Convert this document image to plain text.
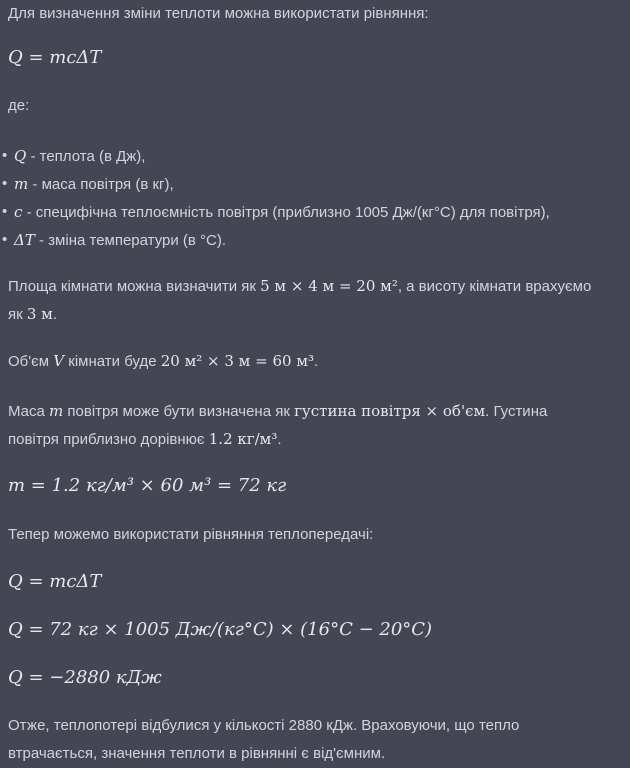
Для визначення зміни теплоти можна використати рівняння:
Q = mcΔT
де:
• Q - теплота (в Дж),
• m - маса повітря (в кг),
• c - специфічна теплоємність повітря (приблизно 1005 Дж/(кг°C) для повітря),
• ΔT - зміна температури (в °C).
Площа кімнати можна визначити як 5 м × 4 м = 20 м², а висоту кімнати врахуємо
як 3 м.
Об'єм V кімнати буде 20 м² × 3 м = 60 м³.
Маса m повітря може бути визначена як густина повітря × об'єм. Густина
повітря приблизно дорівнює 1.2 кг/м³.
m = 1.2 кг/м³ × 60 м³ = 72 кг
Тепер можемо використати рівняння теплопередачі:
Q = mcΔT
Q = 72 кг × 1005 Дж/(кг°C) × (16°C − 20°C)
Q = −2880 кДж
Отже, теплопотері відбулися у кількості 2880 кДж. Враховуючи, що тепло
втрачається, значення теплоти в рівнянні є від'ємним.
